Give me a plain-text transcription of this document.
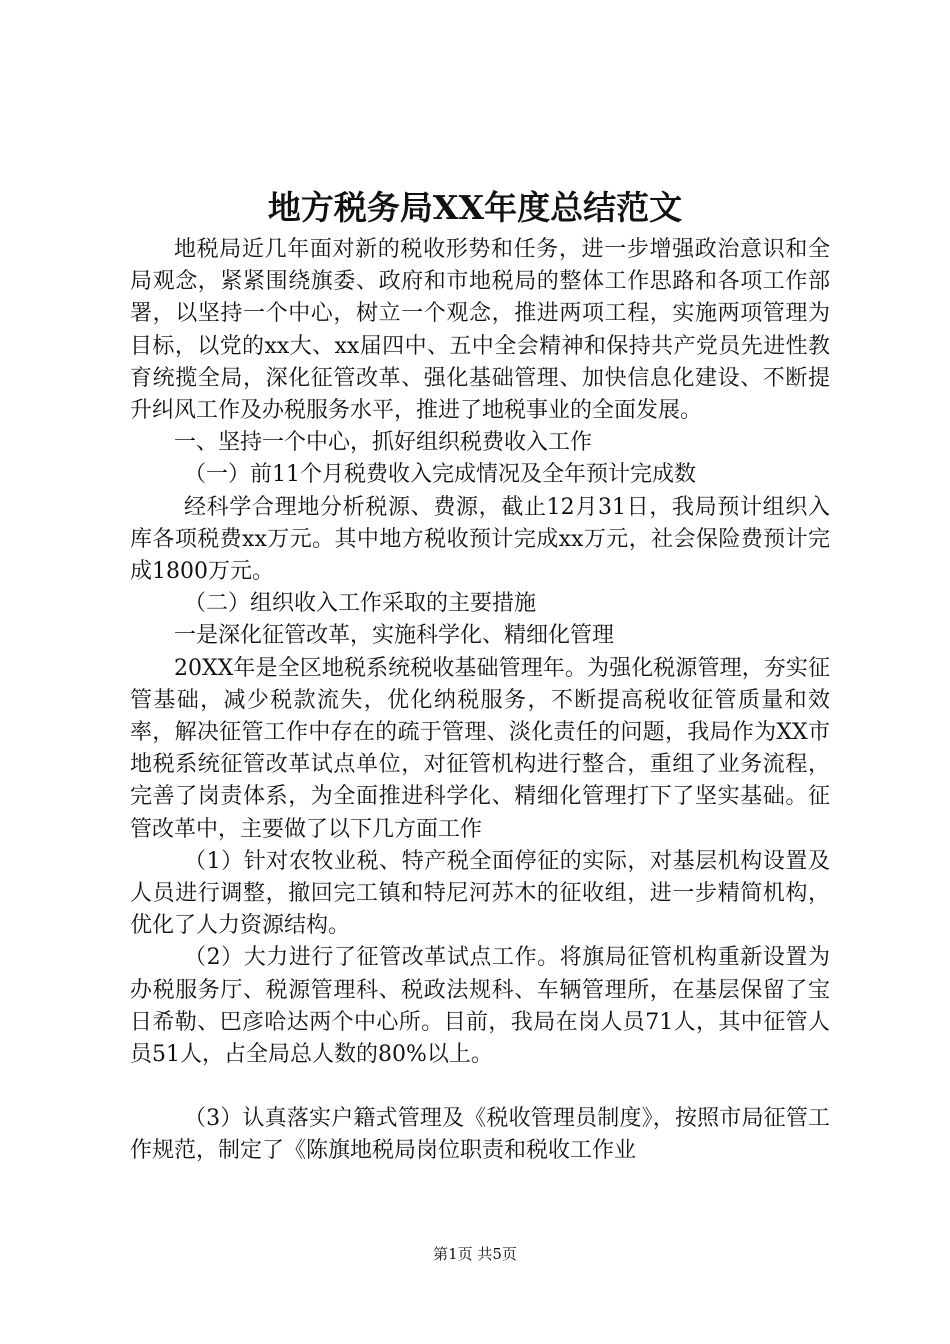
地方税务局XX年度总结范文

地税局近几年面对新的税收形势和任务，进一步增强政治意识和全局观念，紧紧围绕旗委、政府和市地税局的整体工作思路和各项工作部署，以坚持一个中心，树立一个观念，推进两项工程，实施两项管理为目标，以党的xx大、xx届四中、五中全会精神和保持共产党员先进性教育统揽全局，深化征管改革、强化基础管理、加快信息化建设、不断提升纠风工作及办税服务水平，推进了地税事业的全面发展。

一、坚持一个中心，抓好组织税费收入工作

（一）前11个月税费收入完成情况及全年预计完成数

经科学合理地分析税源、费源，截止12月31日，我局预计组织入库各项税费xx万元。其中地方税收预计完成xx万元，社会保险费预计完成1800万元。

（二）组织收入工作采取的主要措施

一是深化征管改革，实施科学化、精细化管理

20XX年是全区地税系统税收基础管理年。为强化税源管理，夯实征管基础，减少税款流失，优化纳税服务，不断提高税收征管质量和效率，解决征管工作中存在的疏于管理、淡化责任的问题，我局作为XX市地税系统征管改革试点单位，对征管机构进行整合，重组了业务流程，完善了岗责体系，为全面推进科学化、精细化管理打下了坚实基础。征管改革中，主要做了以下几方面工作

（1）针对农牧业税、特产税全面停征的实际，对基层机构设置及人员进行调整，撤回完工镇和特尼河苏木的征收组，进一步精简机构，优化了人力资源结构。

（2）大力进行了征管改革试点工作。将旗局征管机构重新设置为办税服务厅、税源管理科、税政法规科、车辆管理所，在基层保留了宝日希勒、巴彦哈达两个中心所。目前，我局在岗人员71人，其中征管人员51人，占全局总人数的80%以上。

（3）认真落实户籍式管理及《税收管理员制度》，按照市局征管工作规范，制定了《陈旗地税局岗位职责和税收工作业

第1页 共5页
